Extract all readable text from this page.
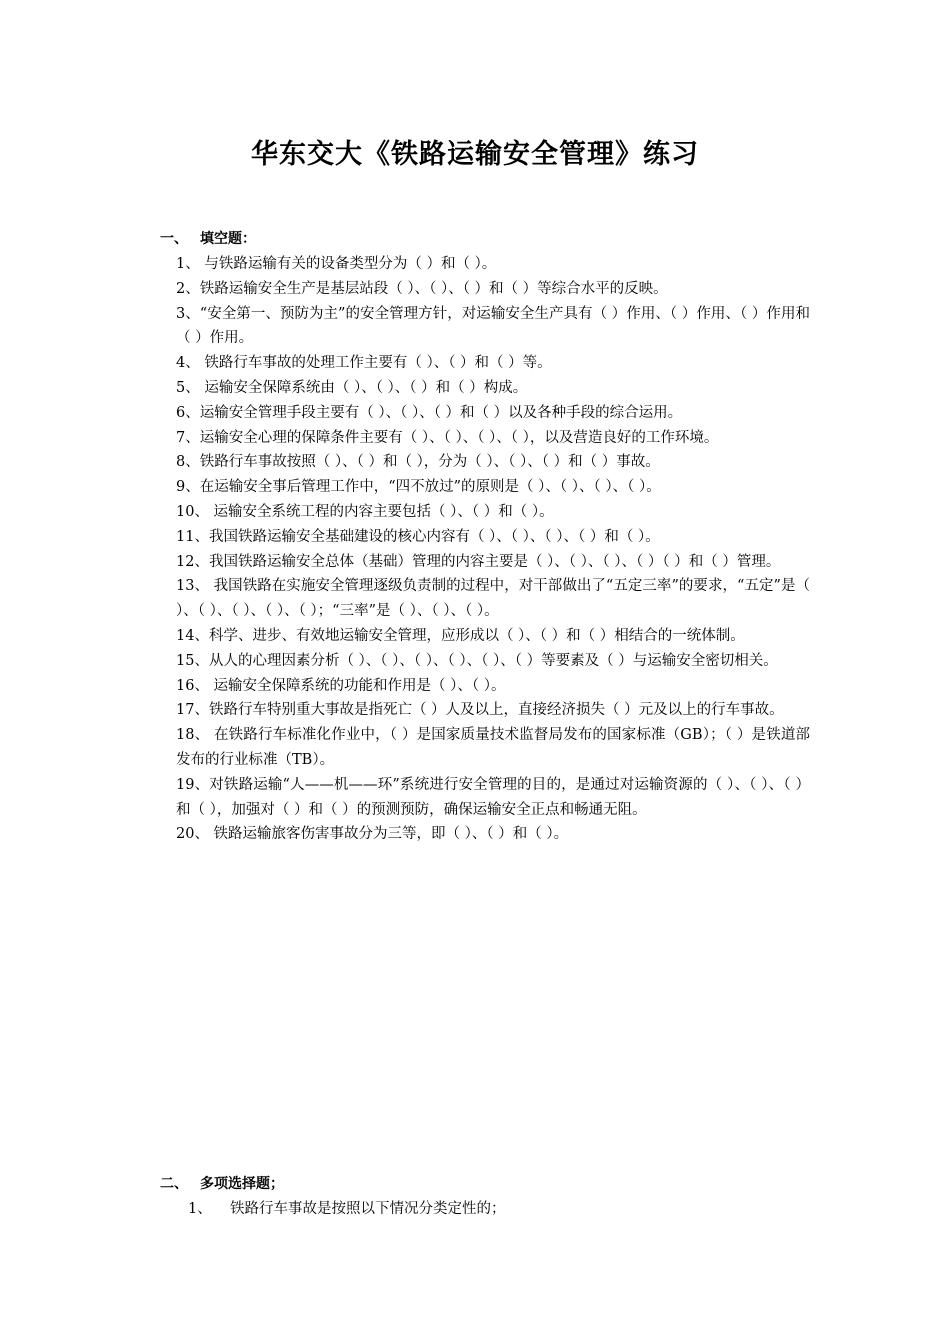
华东交大《铁路运输安全管理》练习
一、 填空题：
1、 与铁路运输有关的设备类型分为（ ）和（ ）。
2、铁路运输安全生产是基层站段（ ）、（ ）、（ ）和（ ）等综合水平的反映。
3、“安全第一、预防为主”的安全管理方针，对运输安全生产具有（ ）作用、（ ）作用、（ ）作用和（ ）作用。
4、 铁路行车事故的处理工作主要有（ ）、（ ）和（ ）等。
5、 运输安全保障系统由（ ）、（ ）、（ ）和（ ）构成。
6、运输安全管理手段主要有（ ）、（ ）、（ ）和（ ）以及各种手段的综合运用。
7、运输安全心理的保障条件主要有（ ）、（ ）、（ ）、（ ），以及营造良好的工作环境。
8、铁路行车事故按照（ ）、（ ）和（ ），分为（ ）、（ ）、（ ）和（ ）事故。
9、在运输安全事后管理工作中，“四不放过”的原则是（ ）、（ ）、（ ）、（ ）。
10、 运输安全系统工程的内容主要包括（ ）、（ ）和（ ）。
11、我国铁路运输安全基础建设的核心内容有（ ）、（ ）、（ ）、（ ）和（ ）。
12、我国铁路运输安全总体（基础）管理的内容主要是（ ）、（ ）、（ ）、（ ）（ ）和（ ）管理。
13、 我国铁路在实施安全管理逐级负责制的过程中，对干部做出了“五定三率”的要求，“五定”是（ ）、（ ）、（ ）、（ ）、（ ）；“三率”是（ ）、（ ）、（ ）。
14、科学、进步、有效地运输安全管理，应形成以（ ）、（ ）和（ ）相结合的一统体制。
15、从人的心理因素分析（ ）、（ ）、（ ）、（ ）、（ ）、（ ）等要素及（ ）与运输安全密切相关。
16、 运输安全保障系统的功能和作用是（ ）、（ ）。
17、铁路行车特别重大事故是指死亡（ ）人及以上，直接经济损失（ ）元及以上的行车事故。
18、 在铁路行车标准化作业中，（ ）是国家质量技术监督局发布的国家标准（GB）；（ ）是铁道部发布的行业标准（TB）。
19、对铁路运输“人——机——环”系统进行安全管理的目的，是通过对运输资源的（ ）、（ ）、（ ）和（ ），加强对（ ）和（ ）的预测预防，确保运输安全正点和畅通无阻。
20、 铁路运输旅客伤害事故分为三等，即（ ）、（ ）和（ ）。
二、 多项选择题；
1、 铁路行车事故是按照以下情况分类定性的；
